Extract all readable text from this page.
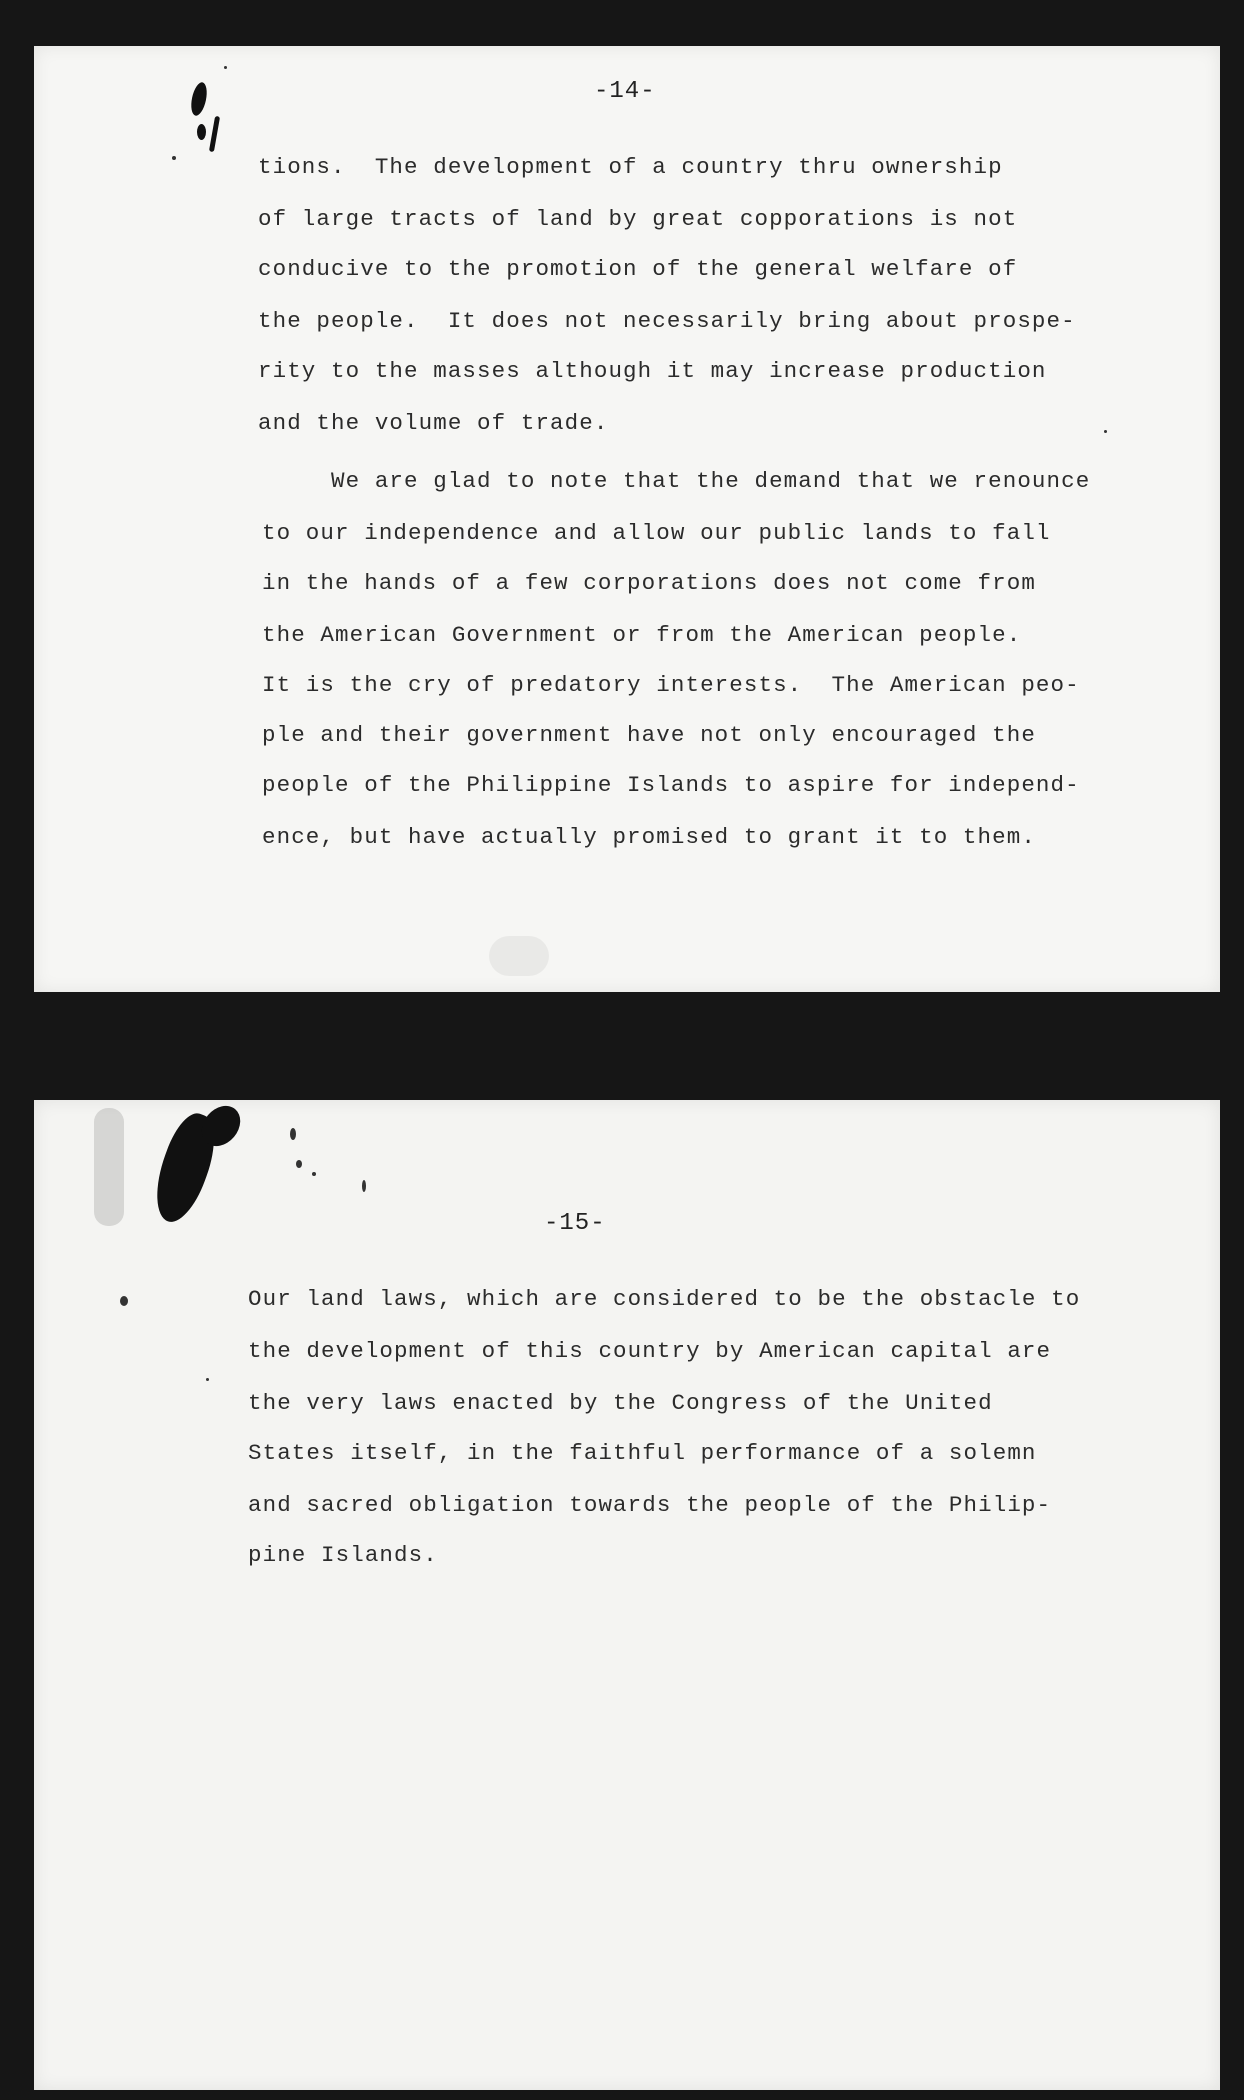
-14-
tions.  The development of a country thru ownership
of large tracts of land by great copporations is not
conducive to the promotion of the general welfare of
the people.  It does not necessarily bring about prospe-
rity to the masses although it may increase production
and the volume of trade.
We are glad to note that the demand that we renounce
to our independence and allow our public lands to fall
in the hands of a few corporations does not come from
the American Government or from the American people.
It is the cry of predatory interests.  The American peo-
ple and their government have not only encouraged the
people of the Philippine Islands to aspire for independ-
ence, but have actually promised to grant it to them.
-15-
Our land laws, which are considered to be the obstacle to
the development of this country by American capital are
the very laws enacted by the Congress of the United
States itself, in the faithful performance of a solemn
and sacred obligation towards the people of the Philip-
pine Islands.
